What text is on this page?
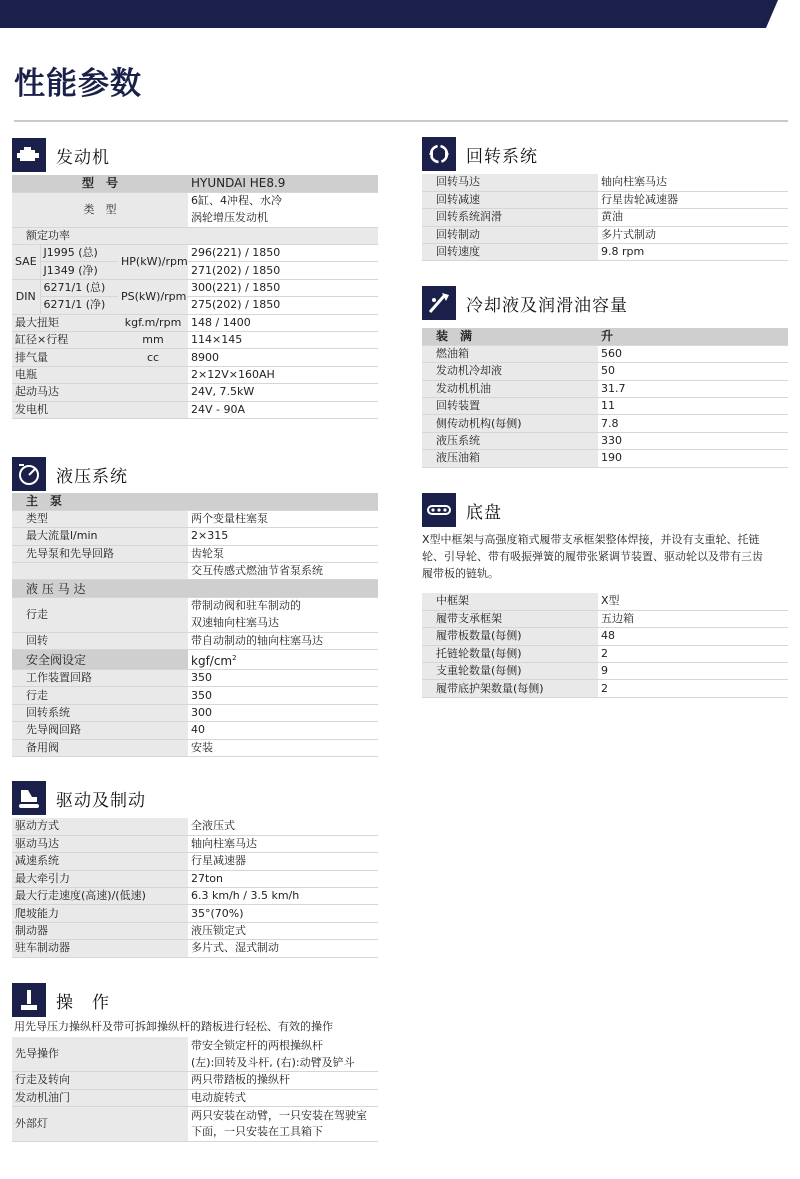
性能参数
发动机
型　号			HYUNDAI HE8.9
类　型			6缸、4冲程、水冷
			涡轮增压发动机
额定功率			
SAE	J1995 (总)	HP(kW)/rpm	296(221) / 1850
	J1349 (净)		271(202) / 1850
DIN	6271/1 (总)	PS(kW)/rpm	300(221) / 1850
	6271/1 (净)		275(202) / 1850
最大扭矩		kgf.m/rpm	148 / 1400
缸径×行程		mm	114×145
排气量		cc	8900
电瓶			2×12V×160AH
起动马达			24V, 7.5kW
发电机			24V - 90A
液压系统
主　泵	
类型	两个变量柱塞泵
最大流量l/min	2×315
先导泵和先导回路	齿轮泵
	交互传感式燃油节省泵系统
液 压 马 达	
行走	带制动阀和驻车制动的
	双速轴向柱塞马达
回转	带自动制动的轴向柱塞马达
安全阀设定	kgf/$cm^2$
工作装置回路	350
行走	350
回转系统	300
先导阀回路	40
备用阀	安装
驱动及制动
驱动方式	全液压式
驱动马达	轴向柱塞马达
减速系统	行星减速器
最大牵引力	27ton
最大行走速度(高速)/(低速)	6.3 km/h / 3.5 km/h
爬坡能力	35°(70%)
制动器	液压锁定式
驻车制动器	多片式、湿式制动
操　作
用先导压力操纵杆及带可拆卸操纵杆的踏板进行轻松、有效的操作
先导操作	带安全锁定杆的两根操纵杆
	(左):回转及斗杆, (右):动臂及铲斗
行走及转向	两只带踏板的操纵杆
发动机油门	电动旋转式
外部灯	两只安装在动臂，一只安装在驾驶室
	下面，一只安装在工具箱下
回转系统
回转马达	轴向柱塞马达
回转减速	行星齿轮减速器
回转系统润滑	黄油
回转制动	多片式制动
回转速度	9.8 rpm
冷却液及润滑油容量
装　满	升
燃油箱	560
发动机冷却液	50
发动机机油	31.7
回转装置	11
侧传动机构(每侧)	7.8
液压系统	330
液压油箱	190
底盘
X型中框架与高强度箱式履带支承框架整体焊接，并设有支重轮、托链
轮、引导轮、带有吸振弹簧的履带张紧调节装置、驱动轮以及带有三齿
履带板的链轨。
中框架	X型
履带支承框架	五边箱
履带板数量(每侧)	48
托链轮数量(每侧)	2
支重轮数量(每侧)	9
履带底护架数量(每侧)	2
